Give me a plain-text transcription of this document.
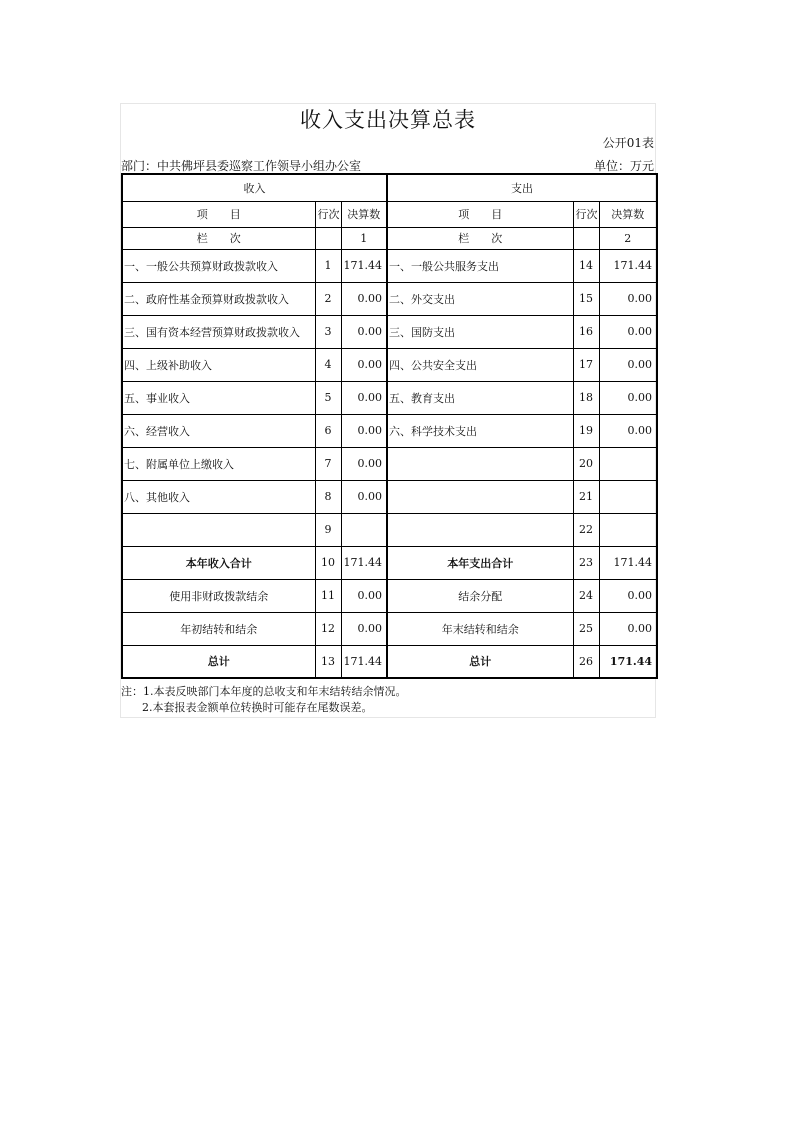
收入支出决算总表
公开01表
部门：中共佛坪县委巡察工作领导小组办公室	单位：万元
收入			支出		
项　　目	行次	决算数	项　　目	行次	决算数
栏　　次		1	栏　　次		2
一、一般公共预算财政拨款收入	1	171.44	一、一般公共服务支出	14	171.44
二、政府性基金预算财政拨款收入	2	0.00	二、外交支出	15	0.00
三、国有资本经营预算财政拨款收入	3	0.00	三、国防支出	16	0.00
四、上级补助收入	4	0.00	四、公共安全支出	17	0.00
五、事业收入	5	0.00	五、教育支出	18	0.00
六、经营收入	6	0.00	六、科学技术支出	19	0.00
七、附属单位上缴收入	7	0.00		20	
八、其他收入	8	0.00		21	
	9			22	
本年收入合计	10	171.44	本年支出合计	23	171.44
使用非财政拨款结余	11	0.00	结余分配	24	0.00
年初结转和结余	12	0.00	年末结转和结余	25	0.00
总计	13	171.44	总计	26	171.44
注：1.本表反映部门本年度的总收支和年末结转结余情况。
2.本套报表金额单位转换时可能存在尾数误差。
